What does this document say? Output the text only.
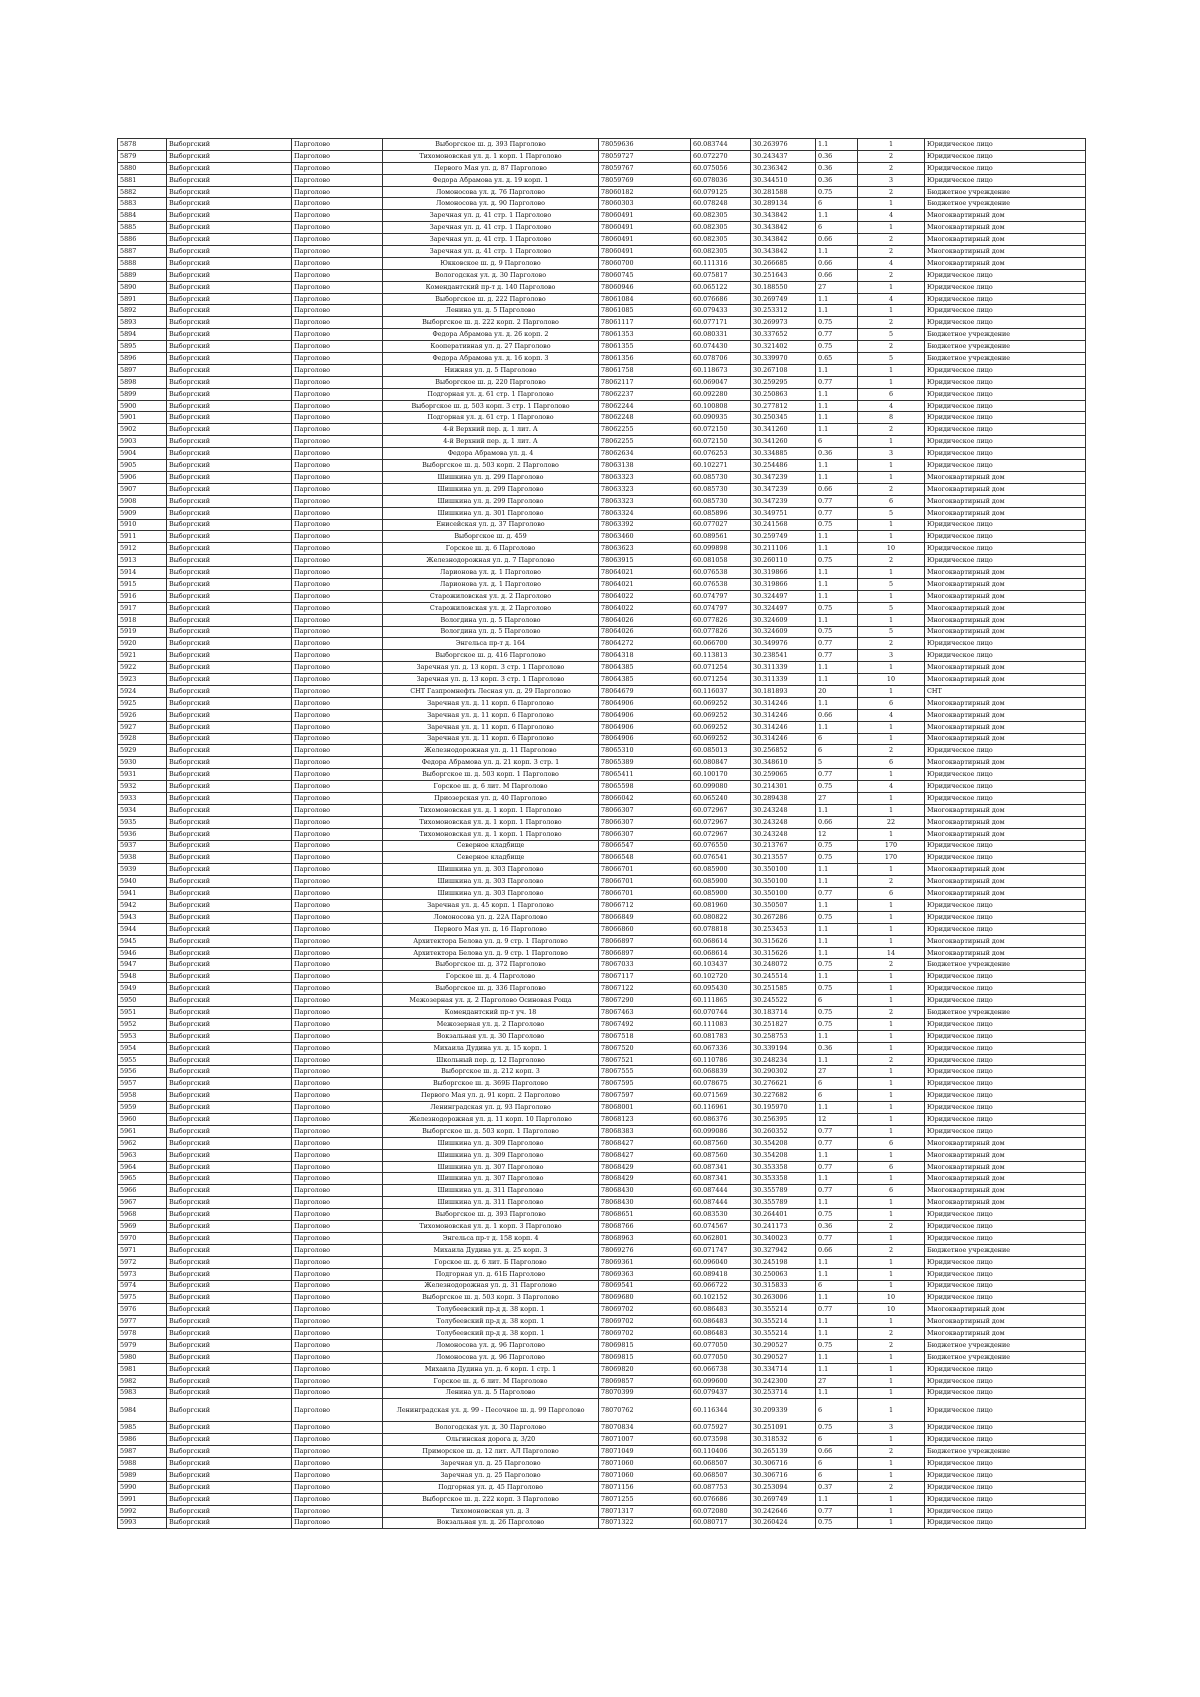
5878	Выборгский	Парголово	Выборгское ш. д. 393 Парголово	78059636	60.083744	30.263976	1.1	1	Юридическое лицо
5879	Выборгский	Парголово	Тихомоновская ул. д. 1 корп. 1 Парголово	78059727	60.072270	30.243437	0.36	2	Юридическое лицо
5880	Выборгский	Парголово	Первого Мая ул. д. 87 Парголово	78059767	60.075056	30.236342	0.36	2	Юридическое лицо
5881	Выборгский	Парголово	Федора Абрамова ул. д. 19 корп. 1	78059769	60.078036	30.344510	0.36	3	Юридическое лицо
5882	Выборгский	Парголово	Ломоносова ул. д. 76 Парголово	78060182	60.079125	30.281588	0.75	2	Бюджетное учреждение
5883	Выборгский	Парголово	Ломоносова ул. д. 90 Парголово	78060303	60.078248	30.289134	6	1	Бюджетное учреждение
5884	Выборгский	Парголово	Заречная ул. д. 41 стр. 1 Парголово	78060491	60.082305	30.343842	1.1	4	Многоквартирный дом
5885	Выборгский	Парголово	Заречная ул. д. 41 стр. 1 Парголово	78060491	60.082305	30.343842	6	1	Многоквартирный дом
5886	Выборгский	Парголово	Заречная ул. д. 41 стр. 1 Парголово	78060491	60.082305	30.343842	0.66	2	Многоквартирный дом
5887	Выборгский	Парголово	Заречная ул. д. 41 стр. 1 Парголово	78060491	60.082305	30.343842	1.1	2	Многоквартирный дом
5888	Выборгский	Парголово	Юкковское ш. д. 9 Парголово	78060700	60.111316	30.266685	0.66	4	Многоквартирный дом
5889	Выборгский	Парголово	Вологодская ул. д. 30 Парголово	78060745	60.075817	30.251643	0.66	2	Юридическое лицо
5890	Выборгский	Парголово	Комендантский пр-т д. 140 Парголово	78060946	60.065122	30.188550	27	1	Юридическое лицо
5891	Выборгский	Парголово	Выборгское ш. д. 222 Парголово	78061084	60.076686	30.269749	1.1	4	Юридическое лицо
5892	Выборгский	Парголово	Ленина ул. д. 5 Парголово	78061085	60.079433	30.253312	1.1	1	Юридическое лицо
5893	Выборгский	Парголово	Выборгское ш. д. 222 корп. 2 Парголово	78061117	60.077171	30.269973	0.75	2	Юридическое лицо
5894	Выборгский	Парголово	Федора Абрамова ул. д. 26 корп. 2	78061353	60.080331	30.337652	0.77	5	Бюджетное учреждение
5895	Выборгский	Парголово	Кооперативная ул. д. 27 Парголово	78061355	60.074430	30.321402	0.75	2	Бюджетное учреждение
5896	Выборгский	Парголово	Федора Абрамова ул. д. 16 корп. 3	78061356	60.078706	30.339970	0.65	5	Бюджетное учреждение
5897	Выборгский	Парголово	Нижняя ул. д. 5 Парголово	78061758	60.118673	30.267108	1.1	1	Юридическое лицо
5898	Выборгский	Парголово	Выборгское ш. д. 220 Парголово	78062117	60.069047	30.259295	0.77	1	Юридическое лицо
5899	Выборгский	Парголово	Подгорная ул. д. 61 стр. 1 Парголово	78062237	60.092280	30.250863	1.1	6	Юридическое лицо
5900	Выборгский	Парголово	Выборгское ш. д. 503 корп. 3 стр. 1 Парголово	78062244	60.100808	30.277812	1.1	4	Юридическое лицо
5901	Выборгский	Парголово	Подгорная ул. д. 61 стр. 1 Парголово	78062248	60.090935	30.250345	1.1	8	Юридическое лицо
5902	Выборгский	Парголово	4-й Верхний пер. д. 1 лит. А	78062255	60.072150	30.341260	1.1	2	Юридическое лицо
5903	Выборгский	Парголово	4-й Верхний пер. д. 1 лит. А	78062255	60.072150	30.341260	6	1	Юридическое лицо
5904	Выборгский	Парголово	Федора Абрамова ул. д. 4	78062634	60.076253	30.334885	0.36	3	Юридическое лицо
5905	Выборгский	Парголово	Выборгское ш. д. 503 корп. 2 Парголово	78063138	60.102271	30.254486	1.1	1	Юридическое лицо
5906	Выборгский	Парголово	Шишкина ул. д. 299 Парголово	78063323	60.085730	30.347239	1.1	1	Многоквартирный дом
5907	Выборгский	Парголово	Шишкина ул. д. 299 Парголово	78063323	60.085730	30.347239	0.66	2	Многоквартирный дом
5908	Выборгский	Парголово	Шишкина ул. д. 299 Парголово	78063323	60.085730	30.347239	0.77	6	Многоквартирный дом
5909	Выборгский	Парголово	Шишкина ул. д. 301 Парголово	78063324	60.085896	30.349751	0.77	5	Многоквартирный дом
5910	Выборгский	Парголово	Енисейская ул. д. 37 Парголово	78063392	60.077027	30.241568	0.75	1	Юридическое лицо
5911	Выборгский	Парголово	Выборгское ш. д. 459	78063460	60.089561	30.259749	1.1	1	Юридическое лицо
5912	Выборгский	Парголово	Горское ш. д. 6 Парголово	78063623	60.099898	30.211106	1.1	10	Юридическое лицо
5913	Выборгский	Парголово	Железнодорожная ул. д. 7 Парголово	78063915	60.081058	30.260110	0.75	2	Юридическое лицо
5914	Выборгский	Парголово	Ларионова ул. д. 1 Парголово	78064021	60.076538	30.319866	1.1	1	Многоквартирный дом
5915	Выборгский	Парголово	Ларионова ул. д. 1 Парголово	78064021	60.076538	30.319866	1.1	5	Многоквартирный дом
5916	Выборгский	Парголово	Старожиловская ул. д. 2 Парголово	78064022	60.074797	30.324497	1.1	1	Многоквартирный дом
5917	Выборгский	Парголово	Старожиловская ул. д. 2 Парголово	78064022	60.074797	30.324497	0.75	5	Многоквартирный дом
5918	Выборгский	Парголово	Вологдина ул. д. 5 Парголово	78064026	60.077826	30.324609	1.1	1	Многоквартирный дом
5919	Выборгский	Парголово	Вологдина ул. д. 5 Парголово	78064026	60.077826	30.324609	0.75	5	Многоквартирный дом
5920	Выборгский	Парголово	Энгельса пр-т д. 164	78064272	60.066700	30.349976	0.77	2	Юридическое лицо
5921	Выборгский	Парголово	Выборгское ш. д. 416 Парголово	78064318	60.113813	30.238541	0.77	3	Юридическое лицо
5922	Выборгский	Парголово	Заречная ул. д. 13 корп. 3 стр. 1 Парголово	78064385	60.071254	30.311339	1.1	1	Многоквартирный дом
5923	Выборгский	Парголово	Заречная ул. д. 13 корп. 3 стр. 1 Парголово	78064385	60.071254	30.311339	1.1	10	Многоквартирный дом
5924	Выборгский	Парголово	СНТ Газпромнефть Лесная ул. д. 29 Парголово	78064679	60.116037	30.181893	20	1	СНТ
5925	Выборгский	Парголово	Заречная ул. д. 11 корп. 6 Парголово	78064906	60.069252	30.314246	1.1	6	Многоквартирный дом
5926	Выборгский	Парголово	Заречная ул. д. 11 корп. 6 Парголово	78064906	60.069252	30.314246	0.66	4	Многоквартирный дом
5927	Выборгский	Парголово	Заречная ул. д. 11 корп. 6 Парголово	78064906	60.069252	30.314246	1.1	1	Многоквартирный дом
5928	Выборгский	Парголово	Заречная ул. д. 11 корп. 6 Парголово	78064906	60.069252	30.314246	6	1	Многоквартирный дом
5929	Выборгский	Парголово	Железнодорожная ул. д. 11 Парголово	78065310	60.085013	30.256852	6	2	Юридическое лицо
5930	Выборгский	Парголово	Федора Абрамова ул. д. 21 корп. 3 стр. 1	78065389	60.080847	30.348610	5	6	Многоквартирный дом
5931	Выборгский	Парголово	Выборгское ш. д. 503 корп. 1 Парголово	78065411	60.100170	30.259065	0.77	1	Юридическое лицо
5932	Выборгский	Парголово	Горское ш. д. 6 лит. М Парголово	78065598	60.099080	30.214301	0.75	4	Юридическое лицо
5933	Выборгский	Парголово	Приозерская ул. д. 40 Парголово	78066042	60.065240	30.289438	27	1	Юридическое лицо
5934	Выборгский	Парголово	Тихомоновская ул. д. 1 корп. 1 Парголово	78066307	60.072967	30.243248	1.1	1	Многоквартирный дом
5935	Выборгский	Парголово	Тихомоновская ул. д. 1 корп. 1 Парголово	78066307	60.072967	30.243248	0.66	22	Многоквартирный дом
5936	Выборгский	Парголово	Тихомоновская ул. д. 1 корп. 1 Парголово	78066307	60.072967	30.243248	12	1	Многоквартирный дом
5937	Выборгский	Парголово	Северное кладбище	78066547	60.076550	30.213767	0.75	170	Юридическое лицо
5938	Выборгский	Парголово	Северное кладбище	78066548	60.076541	30.213557	0.75	170	Юридическое лицо
5939	Выборгский	Парголово	Шишкина ул. д. 303 Парголово	78066701	60.085900	30.350100	1.1	1	Многоквартирный дом
5940	Выборгский	Парголово	Шишкина ул. д. 303 Парголово	78066701	60.085900	30.350100	1.1	2	Многоквартирный дом
5941	Выборгский	Парголово	Шишкина ул. д. 303 Парголово	78066701	60.085900	30.350100	0.77	6	Многоквартирный дом
5942	Выборгский	Парголово	Заречная ул. д. 45 корп. 1 Парголово	78066712	60.081960	30.350507	1.1	1	Юридическое лицо
5943	Выборгский	Парголово	Ломоносова ул. д. 22А Парголово	78066849	60.080822	30.267286	0.75	1	Юридическое лицо
5944	Выборгский	Парголово	Первого Мая ул. д. 16 Парголово	78066860	60.078818	30.253453	1.1	1	Юридическое лицо
5945	Выборгский	Парголово	Архитектора Белова ул. д. 9 стр. 1 Парголово	78066897	60.068614	30.315626	1.1	1	Многоквартирный дом
5946	Выборгский	Парголово	Архитектора Белова ул. д. 9 стр. 1 Парголово	78066897	60.068614	30.315626	1.1	14	Многоквартирный дом
5947	Выборгский	Парголово	Выборгское ш. д. 372 Парголово	78067033	60.103437	30.248072	0.75	2	Бюджетное учреждение
5948	Выборгский	Парголово	Горское ш. д. 4 Парголово	78067117	60.102720	30.245514	1.1	1	Юридическое лицо
5949	Выборгский	Парголово	Выборгское ш. д. 336 Парголово	78067122	60.095430	30.251585	0.75	1	Юридическое лицо
5950	Выборгский	Парголово	Межозерная ул. д. 2 Парголово Осиновая Роща	78067290	60.111865	30.245522	6	1	Юридическое лицо
5951	Выборгский	Парголово	Комендантский пр-т уч. 18	78067463	60.070744	30.183714	0.75	2	Бюджетное учреждение
5952	Выборгский	Парголово	Межозерная ул. д. 2 Парголово	78067492	60.111083	30.251827	0.75	1	Юридическое лицо
5953	Выборгский	Парголово	Вокзальная ул. д. 30 Парголово	78067518	60.081783	30.258753	1.1	1	Юридическое лицо
5954	Выборгский	Парголово	Михаила Дудина ул. д. 15 корп. 1	78067520	60.067336	30.339194	0.36	1	Юридическое лицо
5955	Выборгский	Парголово	Школьный пер. д. 12 Парголово	78067521	60.110786	30.248234	1.1	2	Юридическое лицо
5956	Выборгский	Парголово	Выборгское ш. д. 212 корп. 3	78067555	60.068839	30.290302	27	1	Юридическое лицо
5957	Выборгский	Парголово	Выборгское ш. д. 369Б Парголово	78067595	60.078675	30.276621	6	1	Юридическое лицо
5958	Выборгский	Парголово	Первого Мая ул. д. 91 корп. 2 Парголово	78067597	60.071569	30.227682	6	1	Юридическое лицо
5959	Выборгский	Парголово	Ленинградская ул. д. 93 Парголово	78068001	60.116961	30.195970	1.1	1	Юридическое лицо
5960	Выборгский	Парголово	Железнодорожная ул. д. 11 корп. 10 Парголово	78068123	60.086376	30.256395	12	1	Юридическое лицо
5961	Выборгский	Парголово	Выборгское ш. д. 503 корп. 1 Парголово	78068383	60.099086	30.260352	0.77	1	Юридическое лицо
5962	Выборгский	Парголово	Шишкина ул. д. 309 Парголово	78068427	60.087560	30.354208	0.77	6	Многоквартирный дом
5963	Выборгский	Парголово	Шишкина ул. д. 309 Парголово	78068427	60.087560	30.354208	1.1	1	Многоквартирный дом
5964	Выборгский	Парголово	Шишкина ул. д. 307 Парголово	78068429	60.087341	30.353358	0.77	6	Многоквартирный дом
5965	Выборгский	Парголово	Шишкина ул. д. 307 Парголово	78068429	60.087341	30.353358	1.1	1	Многоквартирный дом
5966	Выборгский	Парголово	Шишкина ул. д. 311 Парголово	78068430	60.087444	30.355789	0.77	6	Многоквартирный дом
5967	Выборгский	Парголово	Шишкина ул. д. 311 Парголово	78068430	60.087444	30.355789	1.1	1	Многоквартирный дом
5968	Выборгский	Парголово	Выборгское ш. д. 393 Парголово	78068651	60.083530	30.264401	0.75	1	Юридическое лицо
5969	Выборгский	Парголово	Тихомоновская ул. д. 1 корп. 3 Парголово	78068766	60.074567	30.241173	0.36	2	Юридическое лицо
5970	Выборгский	Парголово	Энгельса пр-т д. 158 корп. 4	78068963	60.062801	30.340023	0.77	1	Юридическое лицо
5971	Выборгский	Парголово	Михаила Дудина ул. д. 25 корп. 3	78069276	60.071747	30.327942	0.66	2	Бюджетное учреждение
5972	Выборгский	Парголово	Горское ш. д. 6 лит. Б Парголово	78069361	60.096040	30.245198	1.1	1	Юридическое лицо
5973	Выборгский	Парголово	Подгорная ул. д. 61Б Парголово	78069363	60.089418	30.250063	1.1	1	Юридическое лицо
5974	Выборгский	Парголово	Железнодорожная ул. д. 31 Парголово	78069541	60.066722	30.315833	6	1	Юридическое лицо
5975	Выборгский	Парголово	Выборгское ш. д. 503 корп. 3 Парголово	78069680	60.102152	30.263006	1.1	10	Юридическое лицо
5976	Выборгский	Парголово	Толубеевский пр-д д. 38 корп. 1	78069702	60.086483	30.355214	0.77	10	Многоквартирный дом
5977	Выборгский	Парголово	Толубеевский пр-д д. 38 корп. 1	78069702	60.086483	30.355214	1.1	1	Многоквартирный дом
5978	Выборгский	Парголово	Толубеевский пр-д д. 38 корп. 1	78069702	60.086483	30.355214	1.1	2	Многоквартирный дом
5979	Выборгский	Парголово	Ломоносова ул. д. 96 Парголово	78069815	60.077050	30.290527	0.75	2	Бюджетное учреждение
5980	Выборгский	Парголово	Ломоносова ул. д. 96 Парголово	78069815	60.077050	30.290527	1.1	1	Бюджетное учреждение
5981	Выборгский	Парголово	Михаила Дудина ул. д. 6 корп. 1 стр. 1	78069820	60.066738	30.334714	1.1	1	Юридическое лицо
5982	Выборгский	Парголово	Горское ш. д. 6 лит. М Парголово	78069857	60.099600	30.242300	27	1	Юридическое лицо
5983	Выборгский	Парголово	Ленина ул. д. 5 Парголово	78070399	60.079437	30.253714	1.1	1	Юридическое лицо
5984	Выборгский	Парголово	Ленинградская ул. д. 99 - Песочное ш. д. 99 Парголово	78070762	60.116344	30.209339	6	1	Юридическое лицо
5985	Выборгский	Парголово	Вологодская ул. д. 30 Парголово	78070834	60.075927	30.251091	0.75	3	Юридическое лицо
5986	Выборгский	Парголово	Ольгинская дорога д. 3/20	78071007	60.073598	30.318532	6	1	Юридическое лицо
5987	Выборгский	Парголово	Приморское ш. д. 12 лит. АЛ Парголово	78071049	60.110406	30.265139	0.66	2	Бюджетное учреждение
5988	Выборгский	Парголово	Заречная ул. д. 25 Парголово	78071060	60.068507	30.306716	6	1	Юридическое лицо
5989	Выборгский	Парголово	Заречная ул. д. 25 Парголово	78071060	60.068507	30.306716	6	1	Юридическое лицо
5990	Выборгский	Парголово	Подгорная ул. д. 45 Парголово	78071156	60.087753	30.253094	0.37	2	Юридическое лицо
5991	Выборгский	Парголово	Выборгское ш. д. 222 корп. 3 Парголово	78071255	60.076686	30.269749	1.1	1	Юридическое лицо
5992	Выборгский	Парголово	Тихомоновская ул. д. 3	78071317	60.072080	30.242646	0.77	1	Юридическое лицо
5993	Выборгский	Парголово	Вокзальная ул. д. 26 Парголово	78071322	60.080717	30.260424	0.75	1	Юридическое лицо
